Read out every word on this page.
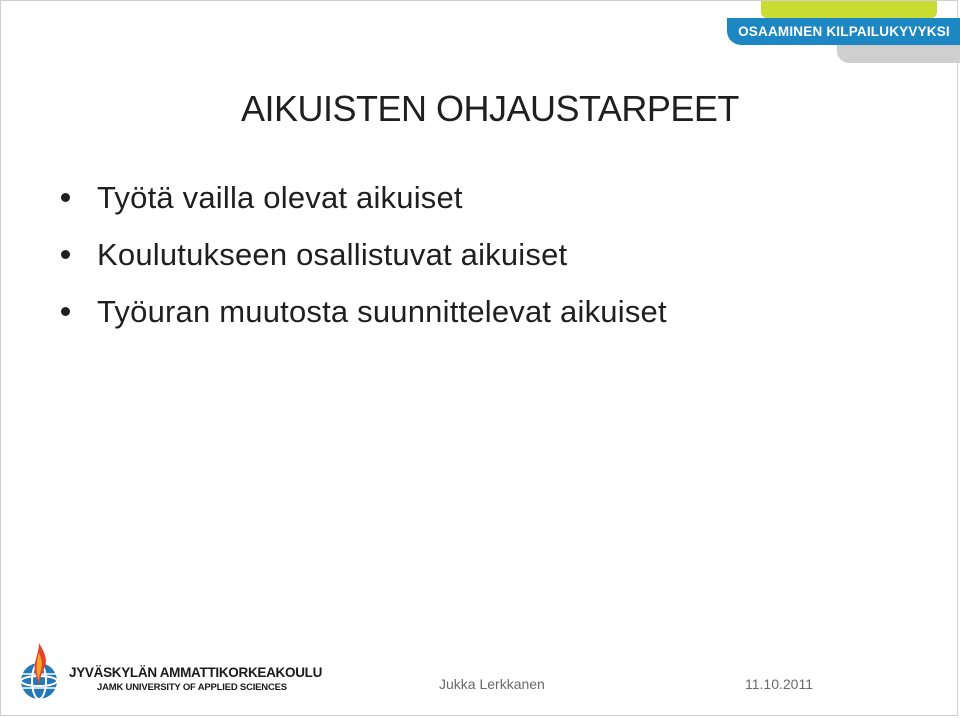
OSAAMINEN KILPAILUKYVYKSI
AIKUISTEN OHJAUSTARPEET
Työtä vailla olevat aikuiset
Koulutukseen osallistuvat aikuiset
Työuran muutosta suunnittelevat aikuiset
JYVÄSKYLÄN AMMATTIKORKEAKOULU
JAMK UNIVERSITY OF APPLIED SCIENCES	Jukka Lerkkanen	11.10.2011
